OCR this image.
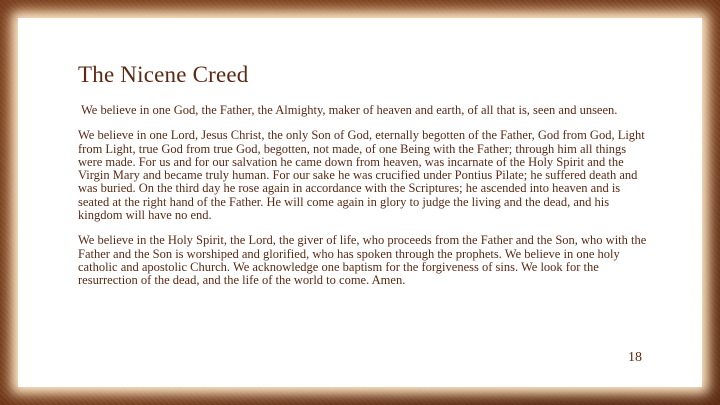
The Nicene Creed

We believe in one God, the Father, the Almighty, maker of heaven and earth, of all that is, seen and unseen.

We believe in one Lord, Jesus Christ, the only Son of God, eternally begotten of the Father, God from God, Light from Light, true God from true God, begotten, not made, of one Being with the Father; through him all things were made. For us and for our salvation he came down from heaven, was incarnate of the Holy Spirit and the Virgin Mary and became truly human. For our sake he was crucified under Pontius Pilate; he suffered death and was buried. On the third day he rose again in accordance with the Scriptures; he ascended into heaven and is seated at the right hand of the Father. He will come again in glory to judge the living and the dead, and his kingdom will have no end.

We believe in the Holy Spirit, the Lord, the giver of life, who proceeds from the Father and the Son, who with the Father and the Son is worshiped and glorified, who has spoken through the prophets. We believe in one holy catholic and apostolic Church. We acknowledge one baptism for the forgiveness of sins. We look for the resurrection of the dead, and the life of the world to come. Amen.

18
